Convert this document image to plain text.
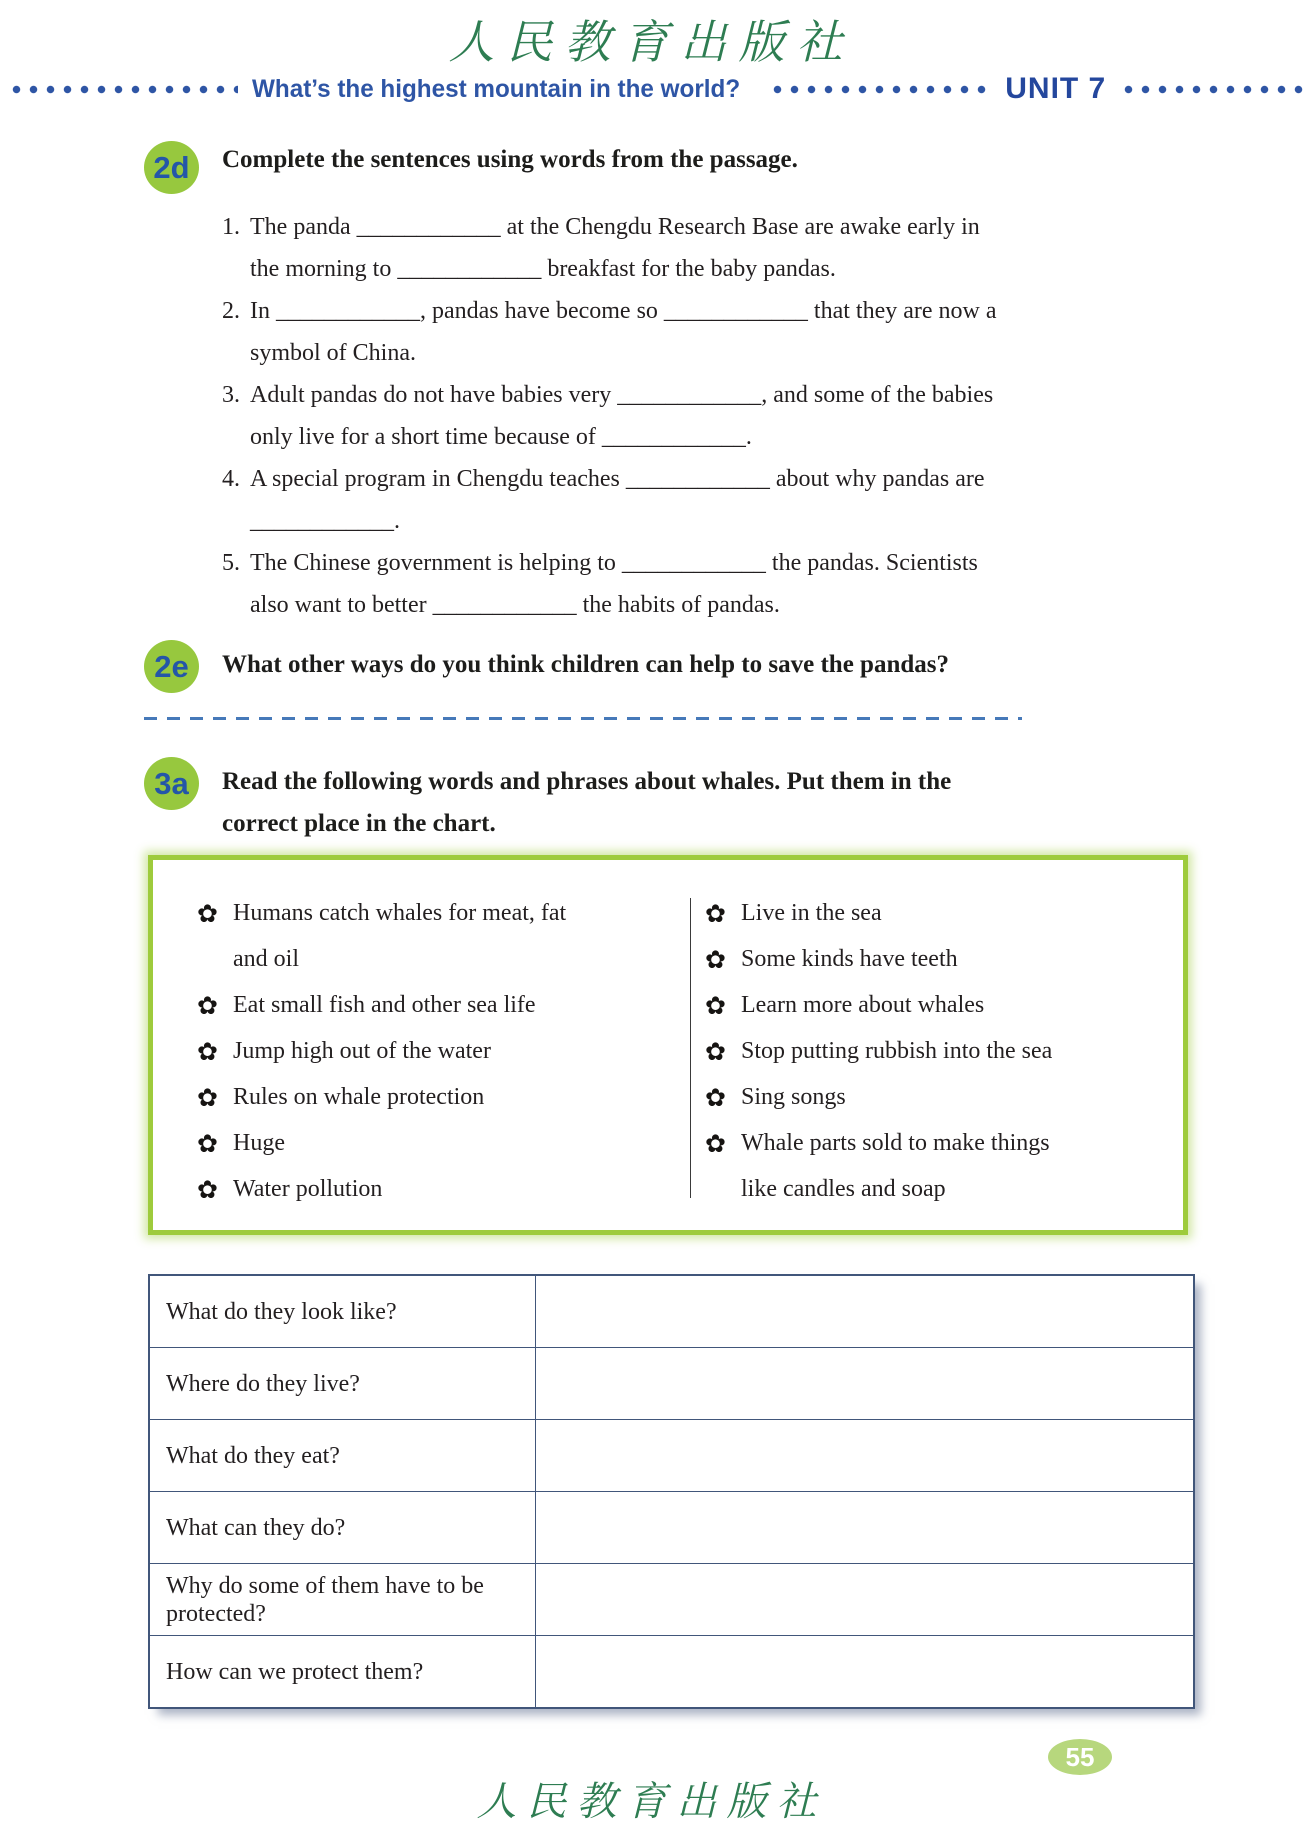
人民教育出版社
What’s the highest mountain in the world?	UNIT 7
2d	Complete the sentences using words from the passage.
1. The panda ____________ at the Chengdu Research Base are awake early in
the morning to ____________ breakfast for the baby pandas.
2. In ____________, pandas have become so ____________ that they are now a
symbol of China.
3. Adult pandas do not have babies very ____________, and some of the babies
only live for a short time because of ____________.
4. A special program in Chengdu teaches ____________ about why pandas are
____________.
5. The Chinese government is helping to ____________ the pandas. Scientists
also want to better ____________ the habits of pandas.
2e	What other ways do you think children can help to save the pandas?
3a	Read the following words and phrases about whales. Put them in the
correct place in the chart.
✿ Humans catch whales for meat, fat
and oil
✿ Eat small fish and other sea life
✿ Jump high out of the water
✿ Rules on whale protection
✿ Huge
✿ Water pollution
✿ Live in the sea
✿ Some kinds have teeth
✿ Learn more about whales
✿ Stop putting rubbish into the sea
✿ Sing songs
✿ Whale parts sold to make things
like candles and soap
What do they look like?
Where do they live?
What do they eat?
What can they do?
Why do some of them have to be protected?
How can we protect them?
55
人民教育出版社
